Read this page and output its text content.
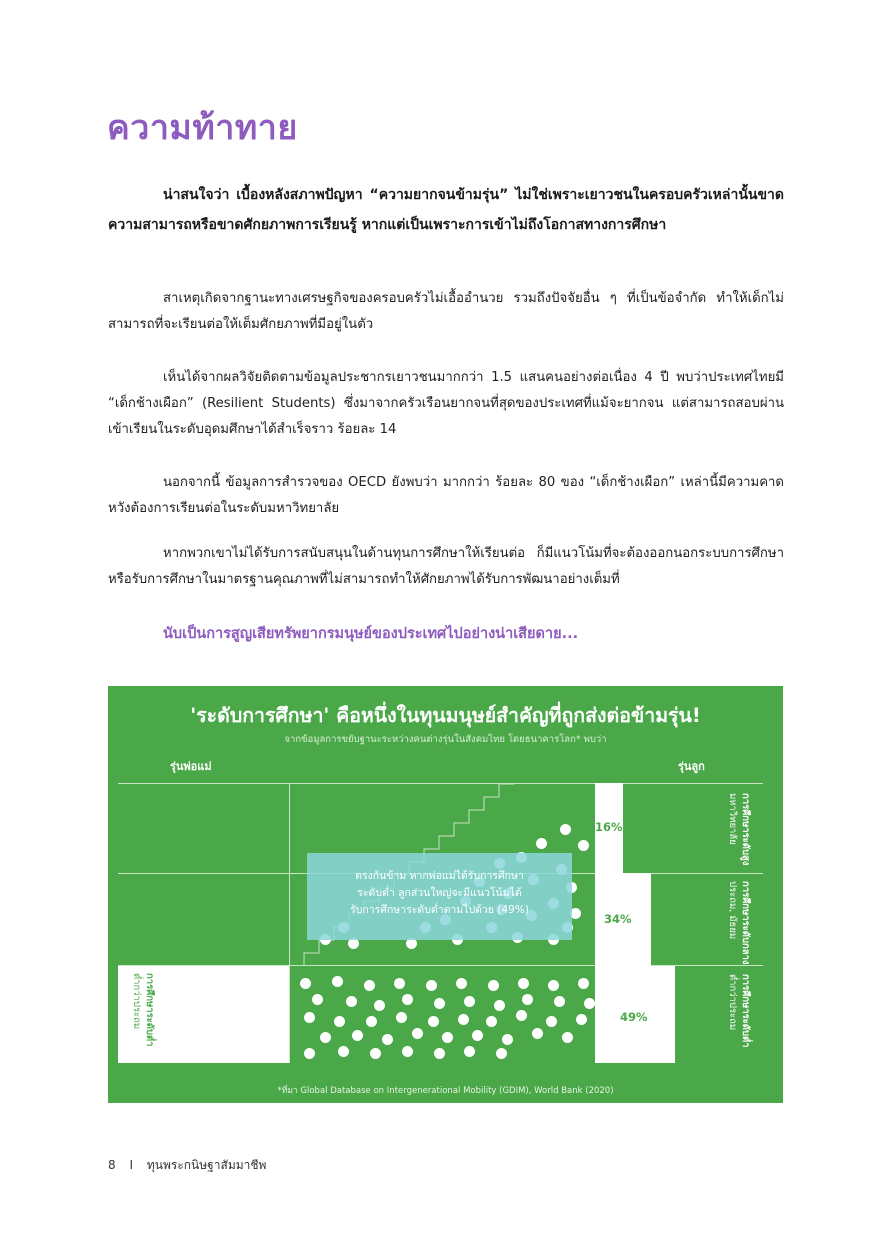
ความท้าทาย

น่าสนใจว่า เบื้องหลังสภาพปัญหา “ความยากจนข้ามรุ่น” ไม่ใช่เพราะเยาวชนในครอบครัวเหล่านั้นขาดความสามารถหรือขาดศักยภาพการเรียนรู้ หากแต่เป็นเพราะการเข้าไม่ถึงโอกาสทางการศึกษา

สาเหตุเกิดจากฐานะทางเศรษฐกิจของครอบครัวไม่เอื้ออำนวย รวมถึงปัจจัยอื่น ๆ ที่เป็นข้อจำกัด ทำให้เด็กไม่สามารถที่จะเรียนต่อให้เต็มศักยภาพที่มีอยู่ในตัว

เห็นได้จากผลวิจัยติดตามข้อมูลประชากรเยาวชนมากกว่า 1.5 แสนคนอย่างต่อเนื่อง 4 ปี พบว่าประเทศไทยมี “เด็กช้างเผือก” (Resilient Students) ซึ่งมาจากครัวเรือนยากจนที่สุดของประเทศที่แม้จะยากจน แต่สามารถสอบผ่านเข้าเรียนในระดับอุดมศึกษาได้สำเร็จราว ร้อยละ 14

นอกจากนี้ ข้อมูลการสำรวจของ OECD ยังพบว่า มากกว่า ร้อยละ 80 ของ “เด็กช้างเผือก” เหล่านี้มีความคาดหวังต้องการเรียนต่อในระดับมหาวิทยาลัย

หากพวกเขาไม่ได้รับการสนับสนุนในด้านทุนการศึกษาให้เรียนต่อ ก็มีแนวโน้มที่จะต้องออกนอกระบบการศึกษา หรือรับการศึกษาในมาตรฐานคุณภาพที่ไม่สามารถทำให้ศักยภาพได้รับการพัฒนาอย่างเต็มที่

นับเป็นการสูญเสียทรัพยากรมนุษย์ของประเทศไปอย่างน่าเสียดาย...
'ระดับการศึกษา' คือหนึ่งในทุนมนุษย์สำคัญที่ถูกส่งต่อข้ามรุ่น!
จากข้อมูลการขยับฐานะระหว่างคนต่างรุ่นในสังคมไทย โดยธนาคารโลก* พบว่า
รุ่นพ่อแม่	รุ่นลูก
ตรงกันข้าม หากพ่อแม่ได้รับการศึกษา
ระดับต่ำ ลูกส่วนใหญ่จะมีแนวโน้มได้
รับการศึกษาระดับต่ำตามไปด้วย (49%)
16%
34%
49%
การศึกษาระดับต่ำ
ต่ำกว่าประถม
การศึกษาระดับสูง
มหาวิทยาลัย
การศึกษาระดับกลาง
ประถม, มัธยม
การศึกษาระดับต่ำ
ต่ำกว่าประถม
*ที่มา Global Database on Intergenerational Mobility (GDIM), World Bank (2020)
8 I ทุนพระกนิษฐาสัมมาชีพ
